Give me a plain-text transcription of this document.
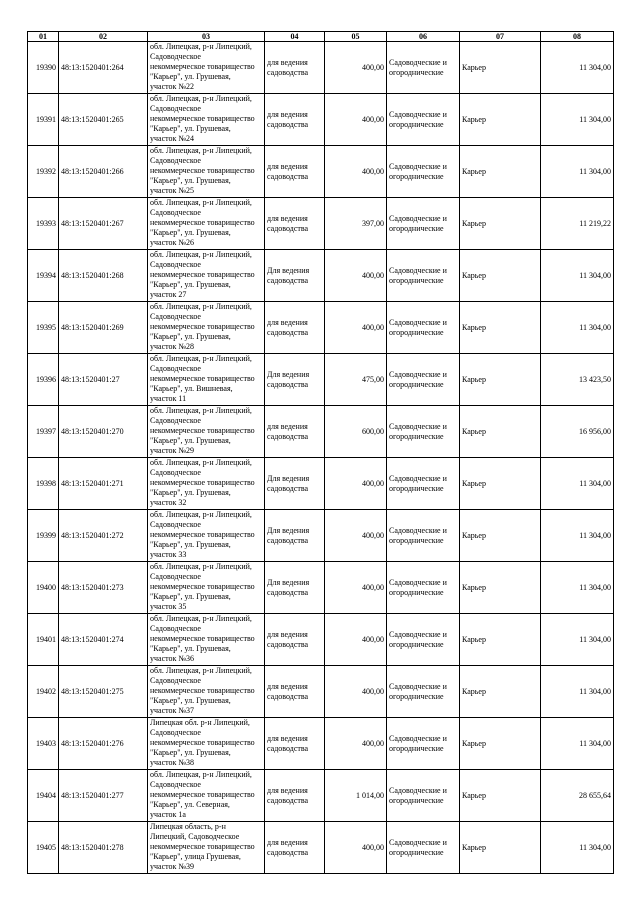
01	02	03	04	05	06	07	08
19390	48:13:1520401:264	обл. Липецкая, р-н Липецкий,
Садоводческое
некоммерческое товарищество
"Карьер", ул. Грушевая,
участок №22	для ведения садоводства	400,00	Садоводческие и огороднические	Карьер	11 304,00
19391	48:13:1520401:265	обл. Липецкая, р-н Липецкий,
Садоводческое
некоммерческое товарищество
"Карьер", ул. Грушевая,
участок №24	для ведения садоводства	400,00	Садоводческие и огороднические	Карьер	11 304,00
19392	48:13:1520401:266	обл. Липецкая, р-н Липецкий,
Садоводческое
некоммерческое товарищество
"Карьер", ул. Грушевая,
участок №25	для ведения садоводства	400,00	Садоводческие и огороднические	Карьер	11 304,00
19393	48:13:1520401:267	обл. Липецкая, р-н Липецкий,
Садоводческое
некоммерческое товарищество
"Карьер", ул. Грушевая,
участок №26	для ведения садоводства	397,00	Садоводческие и огороднические	Карьер	11 219,22
19394	48:13:1520401:268	обл. Липецкая, р-н Липецкий,
Садоводческое
некоммерческое товарищество
"Карьер", ул. Грушевая,
участок 27	Для ведения садоводства	400,00	Садоводческие и огороднические	Карьер	11 304,00
19395	48:13:1520401:269	обл. Липецкая, р-н Липецкий,
Садоводческое
некоммерческое товарищество
"Карьер", ул. Грушевая,
участок №28	для ведения садоводства	400,00	Садоводческие и огороднические	Карьер	11 304,00
19396	48:13:1520401:27	обл. Липецкая, р-н Липецкий,
Садоводческое
некоммерческое товарищество
"Карьер", ул. Вишневая,
участок 11	Для ведения садоводства	475,00	Садоводческие и огороднические	Карьер	13 423,50
19397	48:13:1520401:270	обл. Липецкая, р-н Липецкий,
Садоводческое
некоммерческое товарищество
"Карьер", ул. Грушевая,
участок №29	для ведения садоводства	600,00	Садоводческие и огороднические	Карьер	16 956,00
19398	48:13:1520401:271	обл. Липецкая, р-н Липецкий,
Садоводческое
некоммерческое товарищество
"Карьер", ул. Грушевая,
участок 32	Для ведения садоводства	400,00	Садоводческие и огороднические	Карьер	11 304,00
19399	48:13:1520401:272	обл. Липецкая, р-н Липецкий,
Садоводческое
некоммерческое товарищество
"Карьер", ул. Грушевая,
участок 33	Для ведения садоводства	400,00	Садоводческие и огороднические	Карьер	11 304,00
19400	48:13:1520401:273	обл. Липецкая, р-н Липецкий,
Садоводческое
некоммерческое товарищество
"Карьер", ул. Грушевая,
участок 35	Для ведения садоводства	400,00	Садоводческие и огороднические	Карьер	11 304,00
19401	48:13:1520401:274	обл. Липецкая, р-н Липецкий,
Садоводческое
некоммерческое товарищество
"Карьер", ул. Грушевая,
участок №36	для ведения садоводства	400,00	Садоводческие и огороднические	Карьер	11 304,00
19402	48:13:1520401:275	обл. Липецкая, р-н Липецкий,
Садоводческое
некоммерческое товарищество
"Карьер", ул. Грушевая,
участок №37	для ведения садоводства	400,00	Садоводческие и огороднические	Карьер	11 304,00
19403	48:13:1520401:276	Липецкая обл. р-н Липецкий,
Садоводческое
некоммерческое товарищество
"Карьер", ул. Грушевая,
участок №38	для ведения садоводства	400,00	Садоводческие и огороднические	Карьер	11 304,00
19404	48:13:1520401:277	обл. Липецкая, р-н Липецкий,
Садоводческое
некоммерческое товарищество
"Карьер", ул. Северная,
участок 1а	для ведения садоводства	1 014,00	Садоводческие и огороднические	Карьер	28 655,64
19405	48:13:1520401:278	Липецкая область, р-н
Липецкий, Садоводческое
некоммерческое товарищество
"Карьер", улица Грушевая,
участок №39	для ведения садоводства	400,00	Садоводческие и огороднические	Карьер	11 304,00
